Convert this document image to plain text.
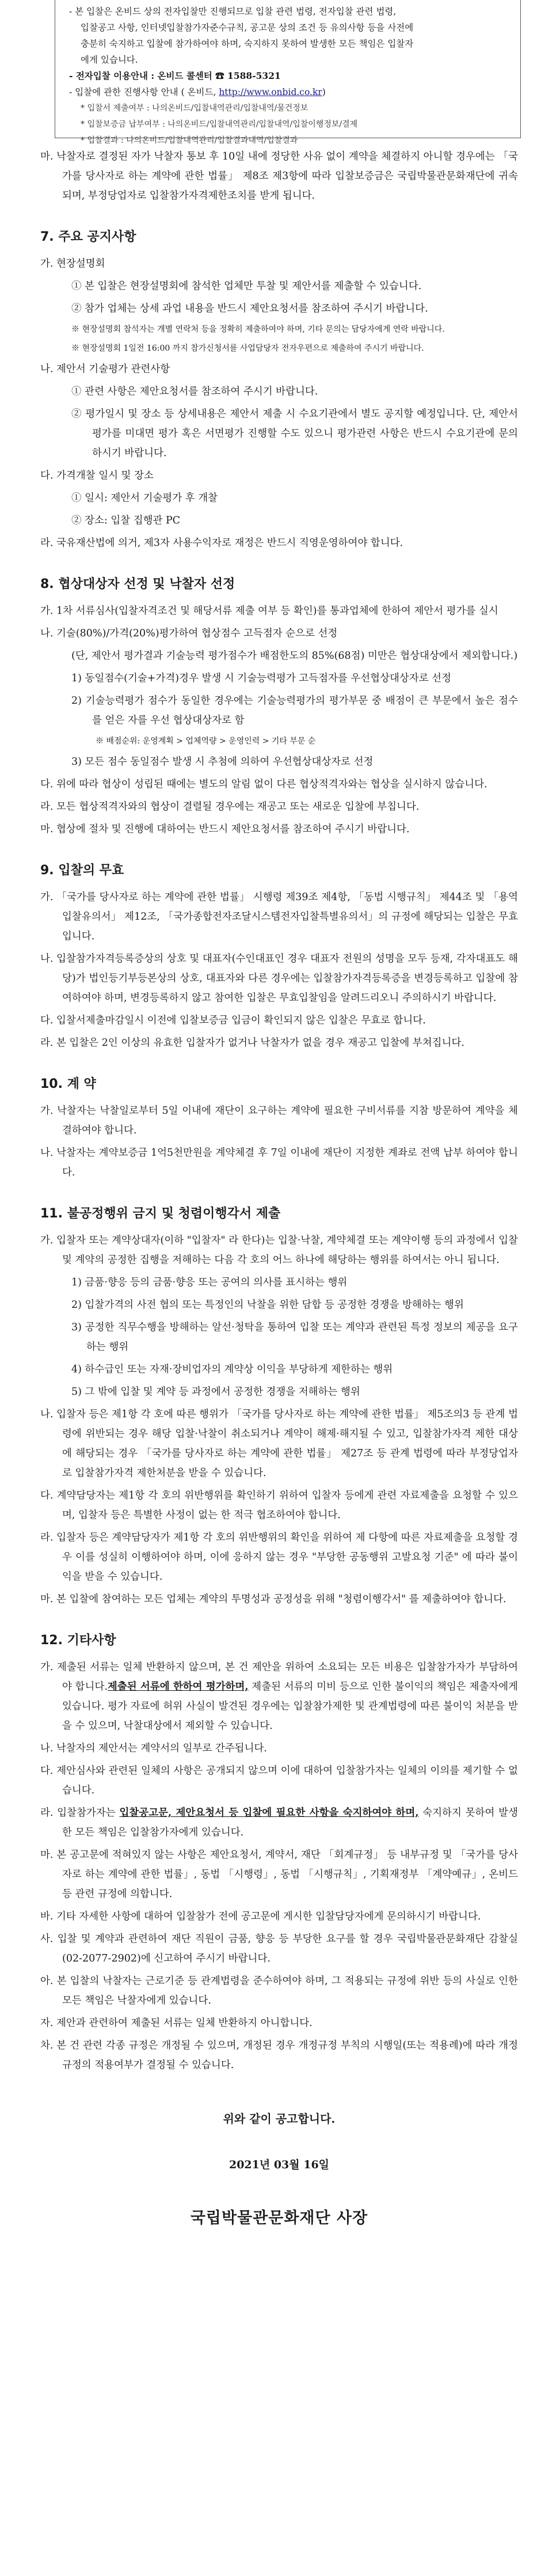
- 본 입찰은 온비드 상의 전자입찰만 진행되므로 입찰 관련 법령, 전자입찰 관련 법령,

입찰공고 사항, 인터넷입찰참가자준수규칙, 공고문 상의 조건 등 유의사항 등을 사전에

충분히 숙지하고 입찰에 참가하여야 하며, 숙지하지 못하여 발생한 모든 책임은 입찰자

에게 있습니다.

- 전자입찰 이용안내 : 온비드 콜센터 ☎ 1588-5321

- 입찰에 관한 진행사항 안내 ( 온비드, http://www.onbid.co.kr)

* 입찰서 제출여부 : 나의온비드/입찰내역관리/입찰내역/물건정보

* 입찰보증금 납부여부 : 나의온비드/입찰내역관리/입찰내역/입찰이행정보/결제

* 입찰결과 : 나의온비드/입찰내역관리/입찰결과내역/입찰결과

마. 낙찰자로 결정된 자가 낙찰자 통보 후 10일 내에 정당한 사유 없이 계약을 체결하지 아니할 경우에는 「국가를 당사자로 하는 계약에 관한 법률」 제8조 제3항에 따라 입찰보증금은 국립박물관문화재단에 귀속되며, 부정당업자로 입찰참가자격제한조치를 받게 됩니다.

7. 주요 공지사항

가. 현장설명회

① 본 입찰은 현장설명회에 참석한 업체만 투찰 및 제안서를 제출할 수 있습니다.

② 참가 업체는 상세 과업 내용을 반드시 제안요청서를 참조하여 주시기 바랍니다.

※ 현장설명회 참석자는 개별 연락처 등을 정확히 제출하여야 하며, 기타 문의는 담당자에게 연락 바랍니다.

※ 현장설명회 1일전 16:00 까지 참가신청서를 사업담당자 전자우편으로 제출하여 주시기 바랍니다.

나. 제안서 기술평가 관련사항

① 관련 사항은 제안요청서를 참조하여 주시기 바랍니다.

② 평가일시 및 장소 등 상세내용은 제안서 제출 시 수요기관에서 별도 공지할 예정입니다. 단, 제안서 평가를 미대면 평가 혹은 서면평가 진행할 수도 있으니 평가관련 사항은 반드시 수요기관에 문의하시기 바랍니다.

다. 가격개찰 일시 및 장소

① 일시: 제안서 기술평가 후 개찰

② 장소: 입찰 집행관 PC

라. 국유재산법에 의거, 제3자 사용수익자로 재정은 반드시 직영운영하여야 합니다.

8. 협상대상자 선정 및 낙찰자 선정

가. 1차 서류심사(입찰자격조건 및 해당서류 제출 여부 등 확인)를 통과업체에 한하여 제안서 평가를 실시

나. 기술(80%)/가격(20%)평가하여 협상점수 고득점자 순으로 선정

(단, 제안서 평가결과 기술능력 평가점수가 배점한도의 85%(68점) 미만은 협상대상에서 제외합니다.)

1) 동일점수(기술+가격)경우 발생 시 기술능력평가 고득점자를 우선협상대상자로 선정

2) 기술능력평가 점수가 동일한 경우에는 기술능력평가의 평가부문 중 배점이 큰 부문에서 높은 점수를 얻은 자를 우선 협상대상자로 함

※ 배점순위: 운영계획 > 업체역량 > 운영인력 > 기타 부문 순

3) 모든 점수 동일점수 발생 시 추첨에 의하여 우선협상대상자로 선정

다. 위에 따라 협상이 성립된 때에는 별도의 알림 없이 다른 협상적격자와는 협상을 실시하지 않습니다.

라. 모든 협상적격자와의 협상이 결렬될 경우에는 재공고 또는 새로운 입찰에 부칩니다.

마. 협상에 절차 및 진행에 대하여는 반드시 제안요청서를 참조하여 주시기 바랍니다.

9. 입찰의 무효

가. 「국가를 당사자로 하는 계약에 관한 법률」 시행령 제39조 제4항, 「동법 시행규칙」 제44조 및 「용역입찰유의서」 제12조, 「국가종합전자조달시스템전자입찰특별유의서」의 규정에 해당되는 입찰은 무효입니다.

나. 입찰참가자격등록증상의 상호 및 대표자(수인대표인 경우 대표자 전원의 성명을 모두 등재, 각자대표도 해당)가 법인등기부등본상의 상호, 대표자와 다른 경우에는 입찰참가자격등록증을 변경등록하고 입찰에 참여하여야 하며, 변경등록하지 않고 참여한 입찰은 무효입찰임을 알려드리오니 주의하시기 바랍니다.

다. 입찰서제출마감일시 이전에 입찰보증금 입금이 확인되지 않은 입찰은 무효로 합니다.

라. 본 입찰은 2인 이상의 유효한 입찰자가 없거나 낙찰자가 없을 경우 재공고 입찰에 부쳐집니다.

10. 계 약

가. 낙찰자는 낙찰일로부터 5일 이내에 재단이 요구하는 계약에 필요한 구비서류를 지참 방문하여 계약을 체결하여야 합니다.

나. 낙찰자는 계약보증금 1억5천만원을 계약체결 후 7일 이내에 재단이 지정한 계좌로 전액 납부 하여야 합니다.

11. 불공정행위 금지 및 청렴이행각서 제출

가. 입찰자 또는 계약상대자(이하 "입찰자" 라 한다)는 입찰·낙찰, 계약체결 또는 계약이행 등의 과정에서 입찰 및 계약의 공정한 집행을 저해하는 다음 각 호의 어느 하나에 해당하는 행위를 하여서는 아니 됩니다.

1) 금품·향응 등의 금품·향응 또는 공여의 의사를 표시하는 행위

2) 입찰가격의 사전 협의 또는 특정인의 낙찰을 위한 담합 등 공정한 경쟁을 방해하는 행위

3) 공정한 직무수행을 방해하는 알선·청탁을 통하여 입찰 또는 계약과 관련된 특정 정보의 제공을 요구하는 행위

4) 하수급인 또는 자재·장비업자의 계약상 이익을 부당하게 제한하는 행위

5) 그 밖에 입찰 및 계약 등 과정에서 공정한 경쟁을 저해하는 행위

나. 입찰자 등은 제1항 각 호에 따른 행위가 「국가를 당사자로 하는 계약에 관한 법률」 제5조의3 등 관계 법령에 위반되는 경우 해당 입찰·낙찰이 취소되거나 계약이 해제·해지될 수 있고, 입찰참가자격 제한 대상에 해당되는 경우 「국가를 당사자로 하는 계약에 관한 법률」 제27조 등 관계 법령에 따라 부정당업자로 입찰참가자격 제한처분을 받을 수 있습니다.

다. 계약담당자는 제1항 각 호의 위반행위를 확인하기 위하여 입찰자 등에게 관련 자료제출을 요청할 수 있으며, 입찰자 등은 특별한 사정이 없는 한 적극 협조하여야 합니다.

라. 입찰자 등은 계약담당자가 제1항 각 호의 위반행위의 확인을 위하여 제 다항에 따른 자료제출을 요청할 경우 이를 성실히 이행하여야 하며, 이에 응하지 않는 경우 "부당한 공동행위 고발요청 기준" 에 따라 불이익을 받을 수 있습니다.

마. 본 입찰에 참여하는 모든 업체는 계약의 투명성과 공정성을 위해 "청렴이행각서" 를 제출하여야 합니다.

12. 기타사항

가. 제출된 서류는 일체 반환하지 않으며, 본 건 제안을 위하여 소요되는 모든 비용은 입찰참가자가 부담하여야 합니다.제출된 서류에 한하여 평가하며, 제출된 서류의 미비 등으로 인한 불이익의 책임은 제출자에게 있습니다. 평가 자료에 허위 사실이 발견된 경우에는 입찰참가제한 및 관계법령에 따른 불이익 처분을 받을 수 있으며, 낙찰대상에서 제외할 수 있습니다.

나. 낙찰자의 제안서는 계약서의 일부로 간주됩니다.

다. 제안심사와 관련된 일체의 사항은 공개되지 않으며 이에 대하여 입찰참가자는 일체의 이의를 제기할 수 없습니다.

라. 입찰참가자는 입찰공고문, 제안요청서 등 입찰에 필요한 사항을 숙지하여야 하며, 숙지하지 못하여 발생한 모든 책임은 입찰참가자에게 있습니다.

마. 본 공고문에 적혀있지 않는 사항은 제안요청서, 계약서, 재단 「회계규정」 등 내부규정 및 「국가를 당사자로 하는 계약에 관한 법률」, 동법 「시행령」, 동법 「시행규칙」, 기획재정부 「계약예규」, 온비드 등 관련 규정에 의합니다.

바. 기타 자세한 사항에 대하여 입찰참가 전에 공고문에 게시한 입찰담당자에게 문의하시기 바랍니다.

사. 입찰 및 계약과 관련하여 재단 직원이 금품, 향응 등 부당한 요구를 할 경우 국립박물관문화재단 감찰실(02-2077-2902)에 신고하여 주시기 바랍니다.

아. 본 입찰의 낙찰자는 근로기준 등 관계법령을 준수하여야 하며, 그 적용되는 규정에 위반 등의 사실로 인한 모든 책임은 낙찰자에게 있습니다.

자. 제안과 관련하여 제출된 서류는 일체 반환하지 아니합니다.

차. 본 건 관련 각종 규정은 개정될 수 있으며, 개정된 경우 개정규정 부칙의 시행일(또는 적용례)에 따라 개정규정의 적용여부가 결정될 수 있습니다.

위와 같이 공고합니다.

2021년 03월 16일

국립박물관문화재단 사장
